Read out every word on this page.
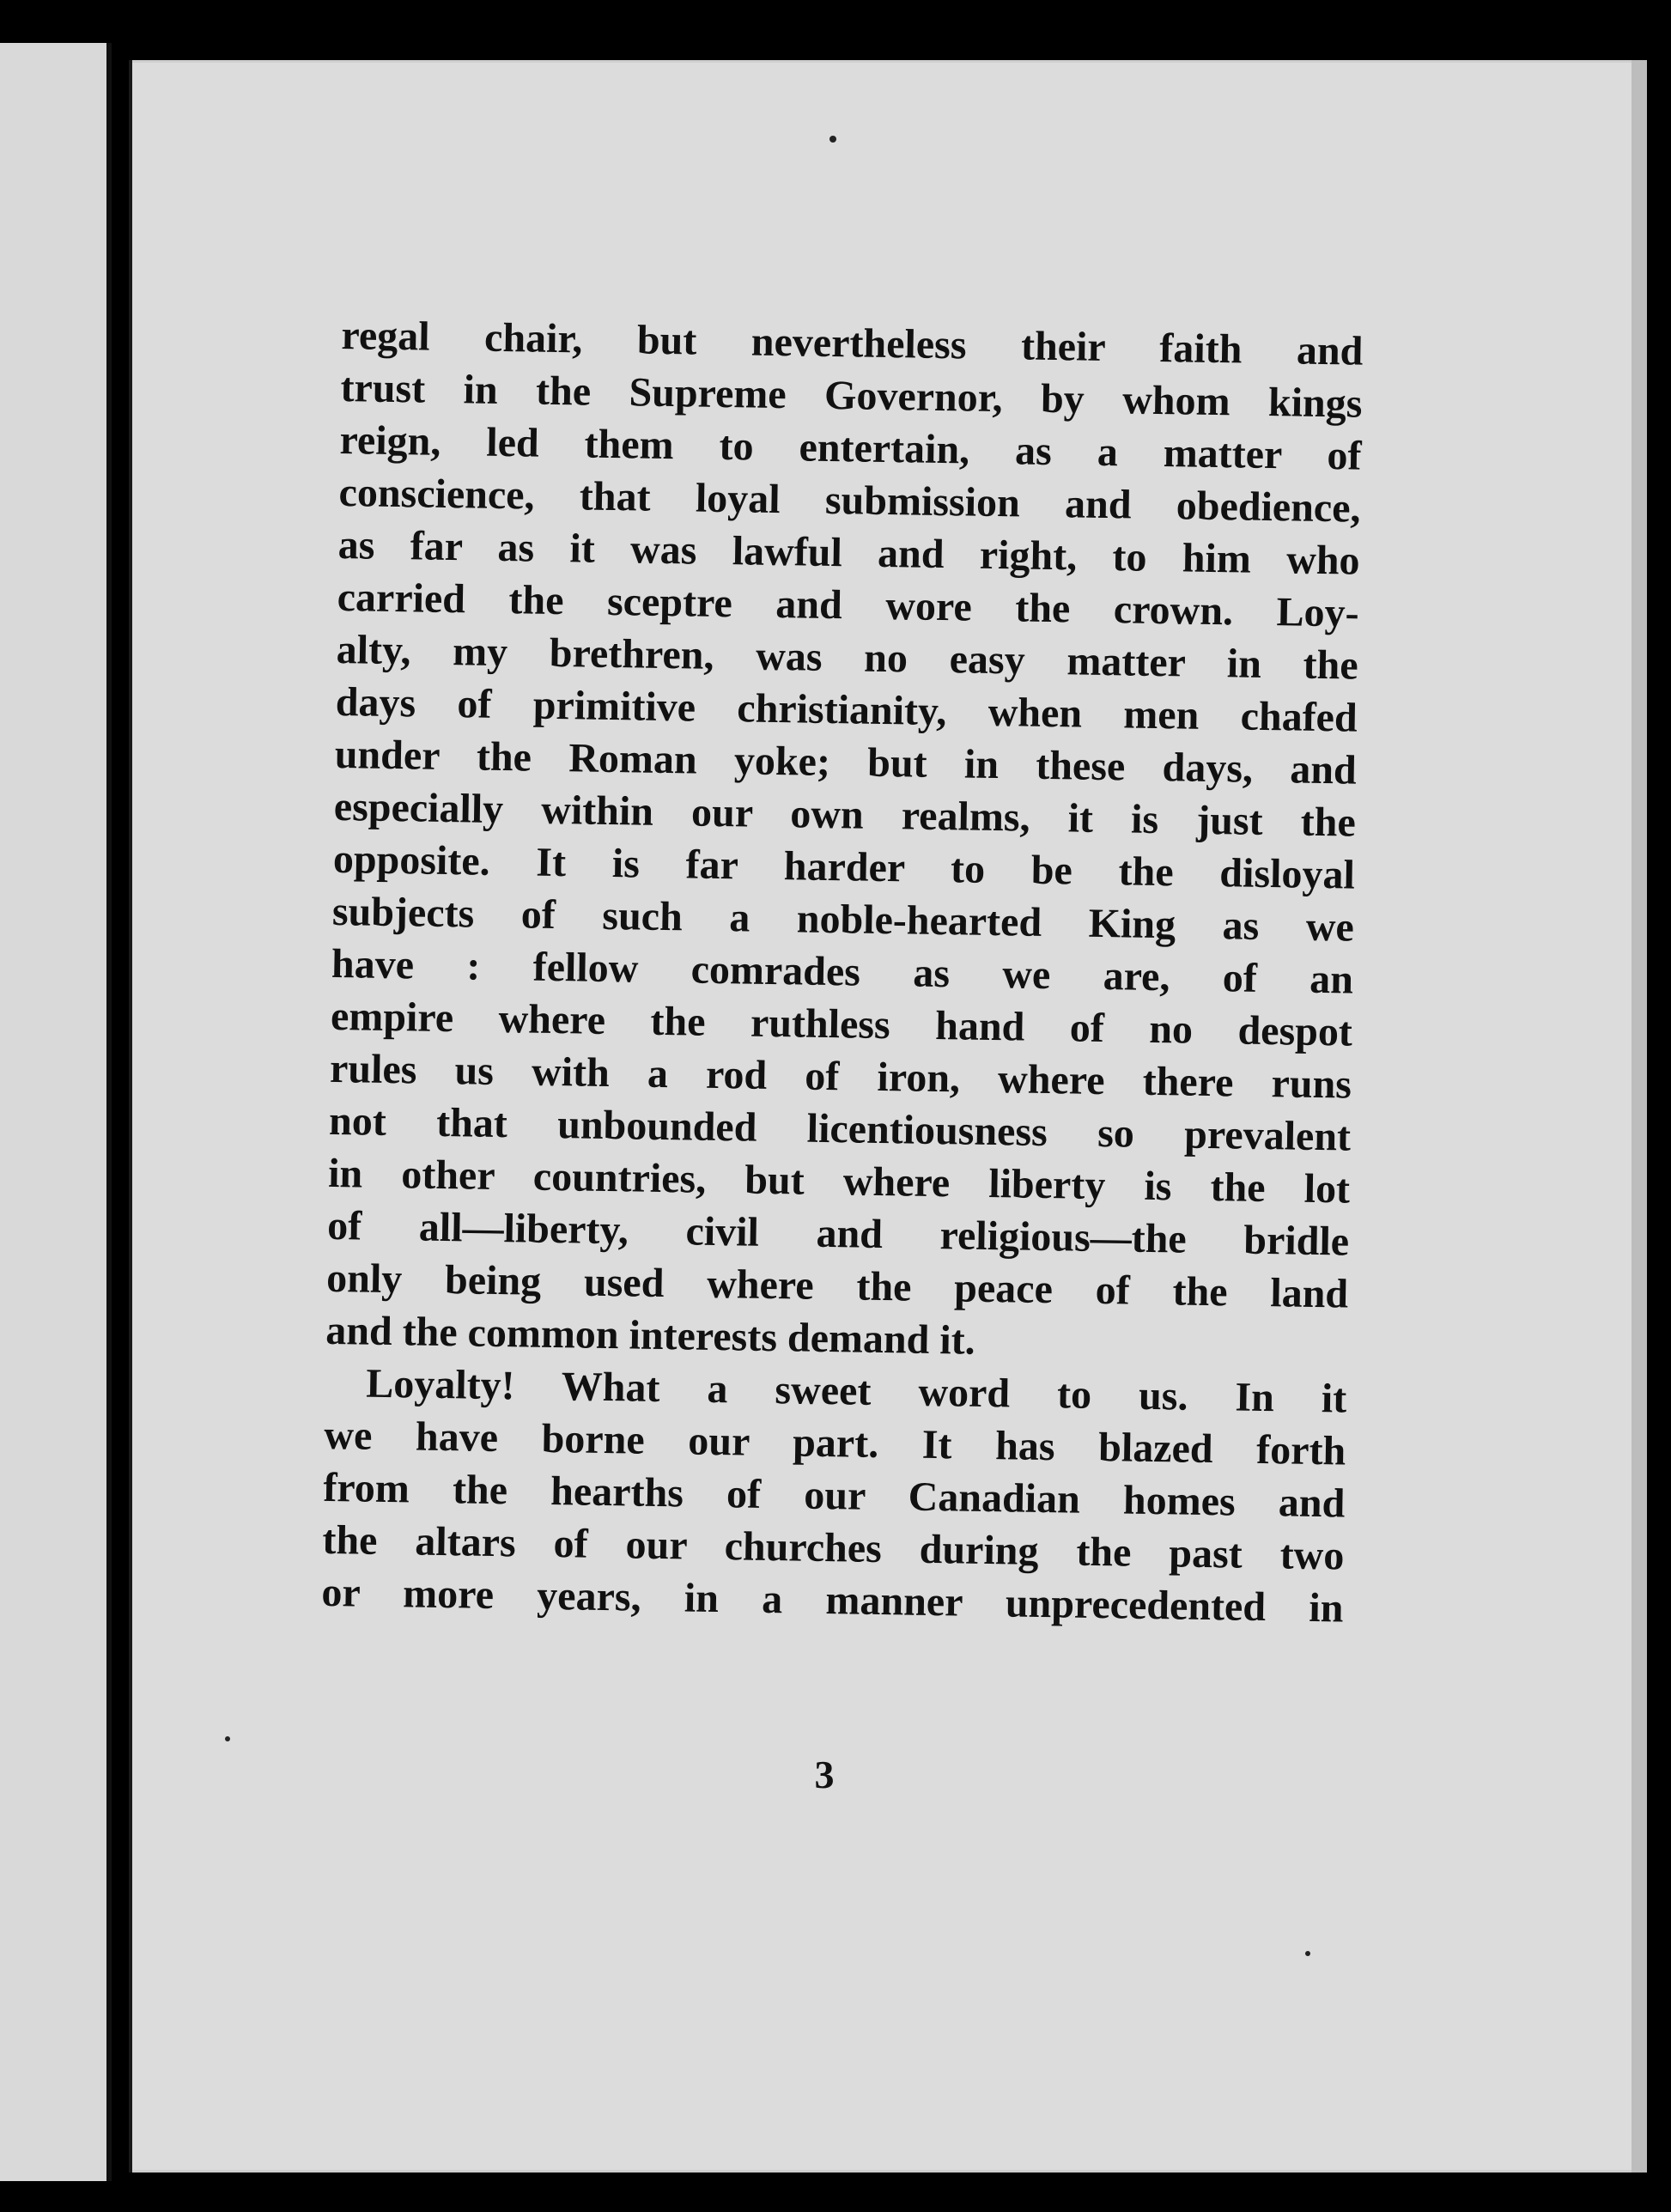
regal chair, but nevertheless their faith and
trust in the Supreme Governor, by whom kings
reign, led them to entertain, as a matter of
conscience, that loyal submission and obedience,
as far as it was lawful and right, to him who
carried the sceptre and wore the crown. Loy-
alty, my brethren, was no easy matter in the
days of primitive christianity, when men chafed
under the Roman yoke; but in these days, and
especially within our own realms, it is just the
opposite. It is far harder to be the disloyal
subjects of such a noble-hearted King as we
have : fellow comrades as we are, of an
empire where the ruthless hand of no despot
rules us with a rod of iron, where there runs
not that unbounded licentiousness so prevalent
in other countries, but where liberty is the lot
of all—liberty, civil and religious—the bridle
only being used where the peace of the land
and the common interests demand it.

Loyalty! What a sweet word to us. In it
we have borne our part. It has blazed forth
from the hearths of our Canadian homes and
the altars of our churches during the past two
or more years, in a manner unprecedented in

3
